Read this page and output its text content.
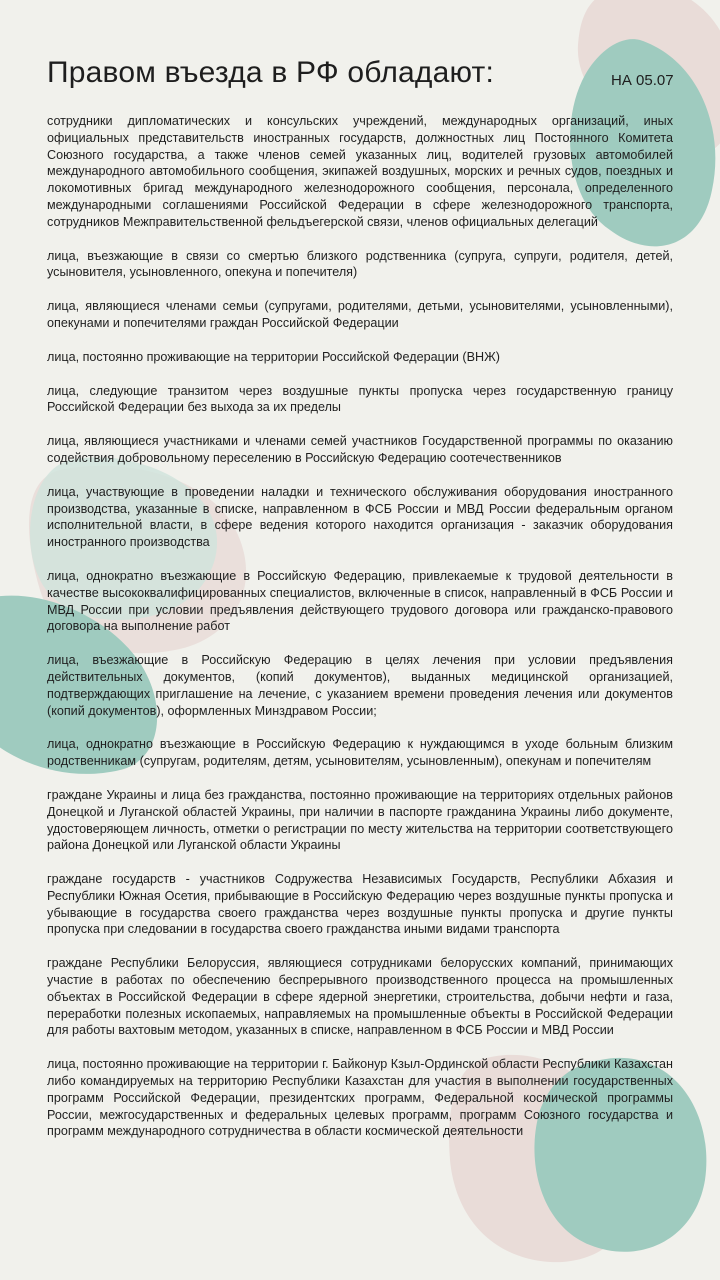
Правом въезда в РФ обладают:	НА 05.07
сотрудники дипломатических и консульских учреждений, международных организаций, иных официальных представительств иностранных государств, должностных лиц Постоянного Комитета Союзного государства, а также членов семей указанных лиц, водителей грузовых автомобилей международного автомобильного сообщения, экипажей воздушных, морских и речных судов, поездных и локомотивных бригад международного железнодорожного сообщения, персонала, определенного международными соглашениями Российской Федерации в сфере железнодорожного транспорта, сотрудников Межправительственной фельдъегерской связи, членов официальных делегаций
лица, въезжающие в связи со смертью близкого родственника (супруга, супруги, родителя, детей, усыновителя, усыновленного, опекуна и попечителя)
лица, являющиеся членами семьи (супругами, родителями, детьми, усыновителями, усыновленными), опекунами и попечителями граждан Российской Федерации
лица, постоянно проживающие на территории Российской Федерации (ВНЖ)
лица, следующие транзитом через воздушные пункты пропуска через государственную границу Российской Федерации без выхода за их пределы
лица, являющиеся участниками и членами семей участников Государственной программы по оказанию содействия добровольному переселению в Российскую Федерацию соотечественников
лица, участвующие в проведении наладки и технического обслуживания оборудования иностранного производства, указанные в списке, направленном в ФСБ России и МВД России федеральным органом исполнительной власти, в сфере ведения которого находится организация - заказчик оборудования иностранного производства
лица, однократно въезжающие в Российскую Федерацию, привлекаемые к трудовой деятельности в качестве высококвалифицированных специалистов, включенные в список, направленный в ФСБ России и МВД России при условии предъявления действующего трудового договора или гражданско-правового договора на выполнение работ
лица, въезжающие в Российскую Федерацию в целях лечения при условии предъявления действительных документов, (копий документов), выданных медицинской организацией, подтверждающих приглашение на лечение, с указанием времени проведения лечения или документов (копий документов), оформленных Минздравом России;
лица, однократно въезжающие в Российскую Федерацию к нуждающимся в уходе больным близким родственникам (супругам, родителям, детям, усыновителям, усыновленным), опекунам и попечителям
граждане Украины и лица без гражданства, постоянно проживающие на территориях отдельных районов Донецкой и Луганской областей Украины, при наличии в паспорте гражданина Украины либо документе, удостоверяющем личность, отметки о регистрации по месту жительства на территории соответствующего района Донецкой или Луганской области Украины
граждане государств - участников Содружества Независимых Государств, Республики Абхазия и Республики Южная Осетия, прибывающие в Российскую Федерацию через воздушные пункты пропуска и убывающие в государства своего гражданства через воздушные пункты пропуска и другие пункты пропуска при следовании в государства своего гражданства иными видами транспорта
граждане Республики Белоруссия, являющиеся сотрудниками белорусских компаний, принимающих участие в работах по обеспечению беспрерывного производственного процесса на промышленных объектах в Российской Федерации в сфере ядерной энергетики, строительства, добычи нефти и газа, переработки полезных ископаемых, направляемых на промышленные объекты в Российской Федерации для работы вахтовым методом, указанных в списке, направленном в ФСБ России и МВД России
лица, постоянно проживающие на территории г. Байконур Кзыл-Ординской области Республики Казахстан либо командируемых на территорию Республики Казахстан для участия в выполнении государственных программ Российской Федерации, президентских программ, Федеральной космической программы России, межгосударственных и федеральных целевых программ, программ Союзного государства и программ международного сотрудничества в области космической деятельности
